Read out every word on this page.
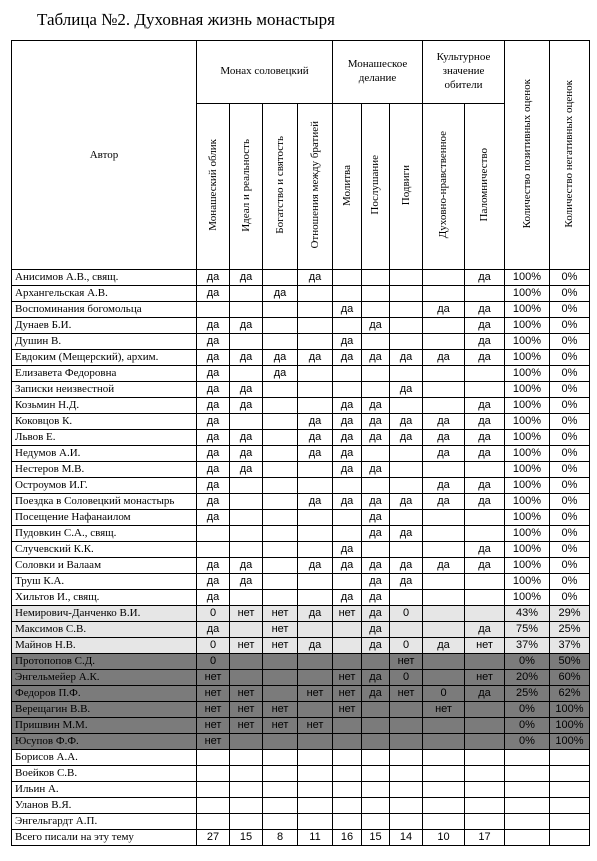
Таблица №2. Духовная жизнь монастыря
Автор	Монах соловецкий				Монашеское делание			Культурное значение обители		Количество позитивных оценок	Количество негативных оценок

	Монашеский облик	Идеал и реальность	Богатство и святость	Отношения между братией	Молитва	Послушание	Подвиги	Духовно-нравственное	Паломничество		

Анисимов А.В., свящ.	да	да		да					да	100%	0%
Архангельская А.В.	да		да							100%	0%
Воспоминания богомольца					да			да	да	100%	0%
Дунаев Б.И.	да	да				да			да	100%	0%
Душин В.	да				да				да	100%	0%
Евдоким (Мещерский), архим.	да	да	да	да	да	да	да	да	да	100%	0%
Елизавета Федоровна	да		да							100%	0%
Записки неизвестной	да	да					да			100%	0%
Козьмин Н.Д.	да	да			да	да			да	100%	0%
Коковцов К.	да			да	да	да	да	да	да	100%	0%
Львов Е.	да	да		да	да	да	да	да	да	100%	0%
Недумов А.И.	да	да		да	да			да	да	100%	0%
Нестеров М.В.	да	да			да	да				100%	0%
Остроумов И.Г.	да							да	да	100%	0%
Поездка в Соловецкий монастырь	да			да	да	да	да	да	да	100%	0%
Посещение Нафанаилом	да					да				100%	0%
Пудовкин С.А., свящ.						да	да			100%	0%
Случевский К.К.					да				да	100%	0%
Соловки и Валаам	да	да		да	да	да	да	да	да	100%	0%
Труш К.А.	да	да				да	да			100%	0%
Хильтов И., свящ.	да				да	да				100%	0%
Немирович-Данченко В.И.	0	нет	нет	да	нет	да	0			43%	29%
Максимов С.В.	да		нет			да			да	75%	25%
Майнов Н.В.	0	нет	нет	да		да	0	да	нет	37%	37%
Протопопов С.Д.	0						нет			0%	50%
Энгельмейер А.К.	нет				нет	да	0		нет	20%	60%
Федоров П.Ф.	нет	нет		нет	нет	да	нет	0	да	25%	62%
Верещагин В.В.	нет	нет	нет		нет			нет		0%	100%
Пришвин М.М.	нет	нет	нет	нет						0%	100%
Юсупов Ф.Ф.	нет									0%	100%
Борисов А.А.											
Воейков С.В.											
Ильин А.											
Уланов В.Я.											
Энгельгардт А.П.											
Всего писали на эту тему	27	15	8	11	16	15	14	10	17		
